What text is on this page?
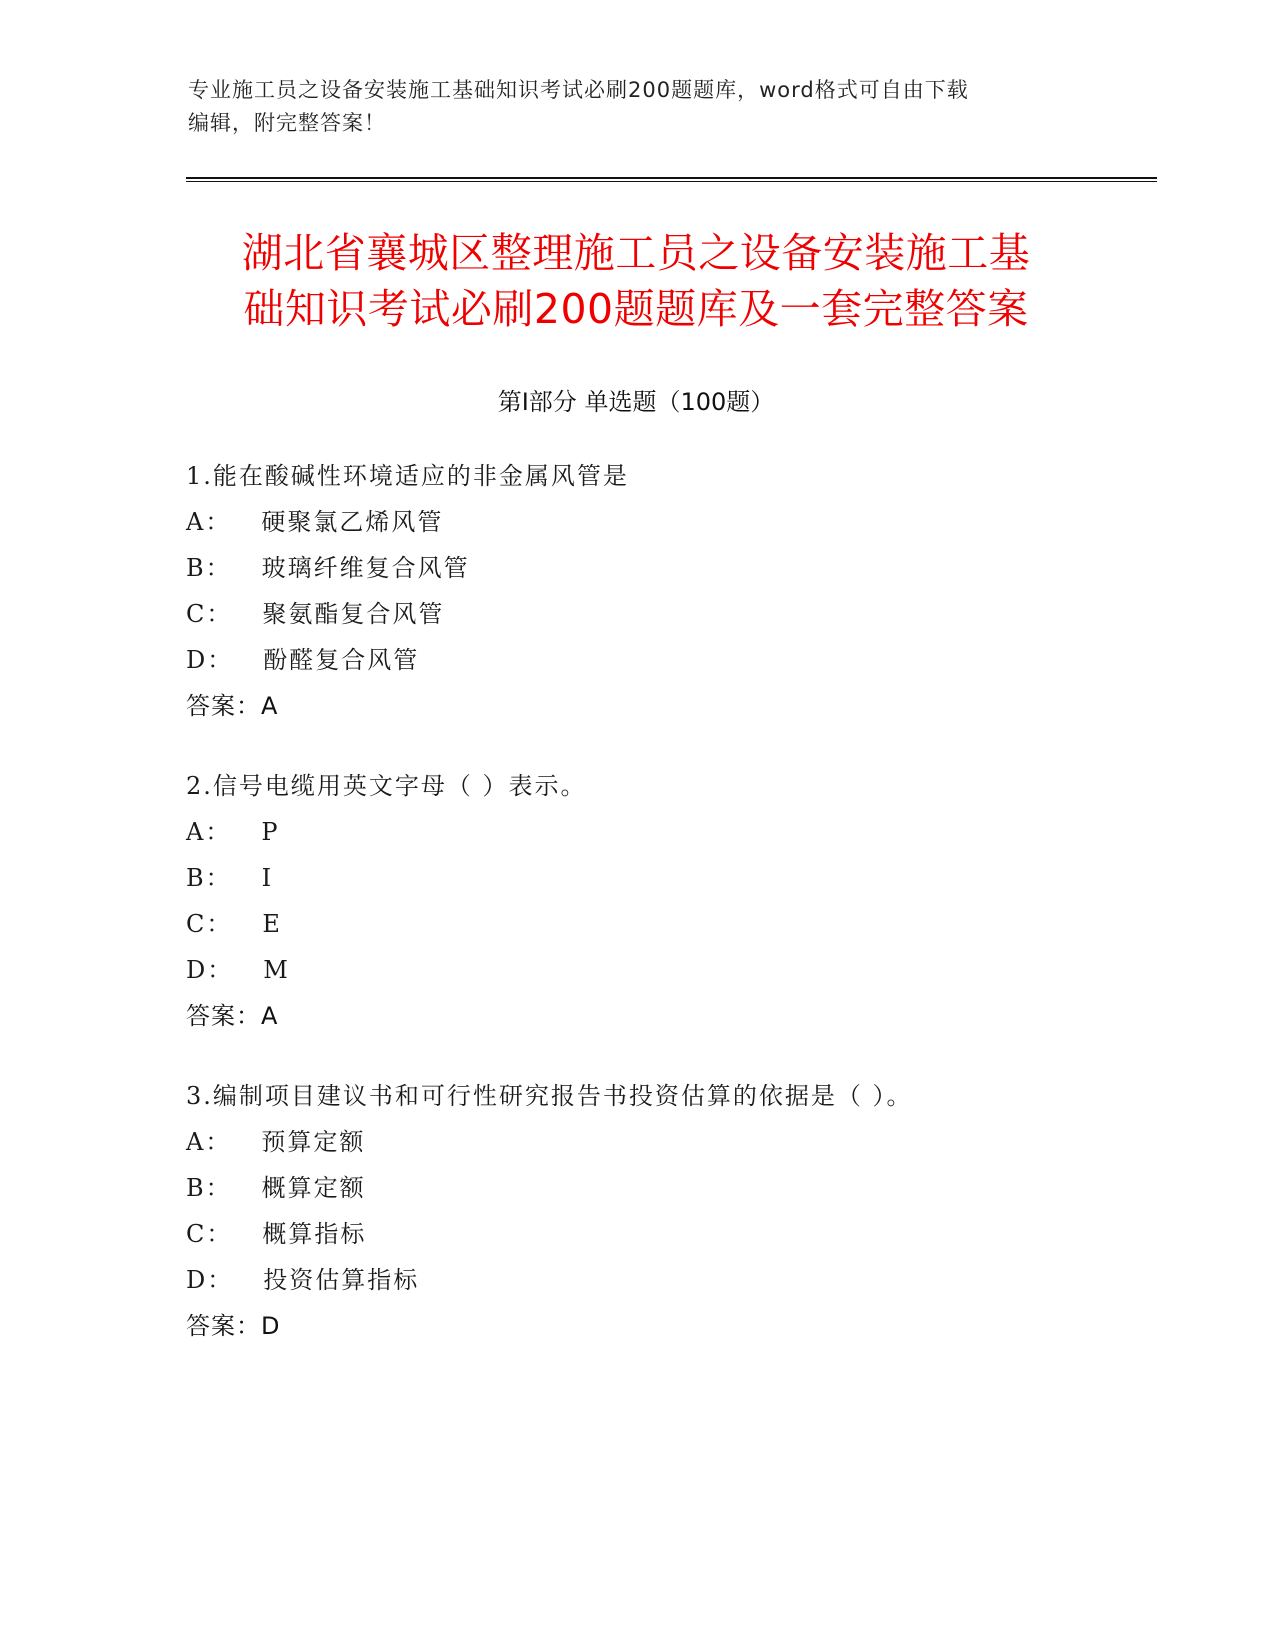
专业施工员之设备安装施工基础知识考试必刷200题题库，word格式可自由下载
编辑，附完整答案！
湖北省襄城区整理施工员之设备安装施工基
础知识考试必刷200题题库及一套完整答案
第Ⅰ部分 单选题（100题）
1.能在酸碱性环境适应的非金属风管是
A： 硬聚氯乙烯风管
B： 玻璃纤维复合风管
C： 聚氨酯复合风管
D： 酚醛复合风管
答案：A
2.信号电缆用英文字母（ ）表示。
A： P
B： I
C： E
D： M
答案：A
3.编制项目建议书和可行性研究报告书投资估算的依据是（ ）。
A： 预算定额
B： 概算定额
C： 概算指标
D： 投资估算指标
答案：D
